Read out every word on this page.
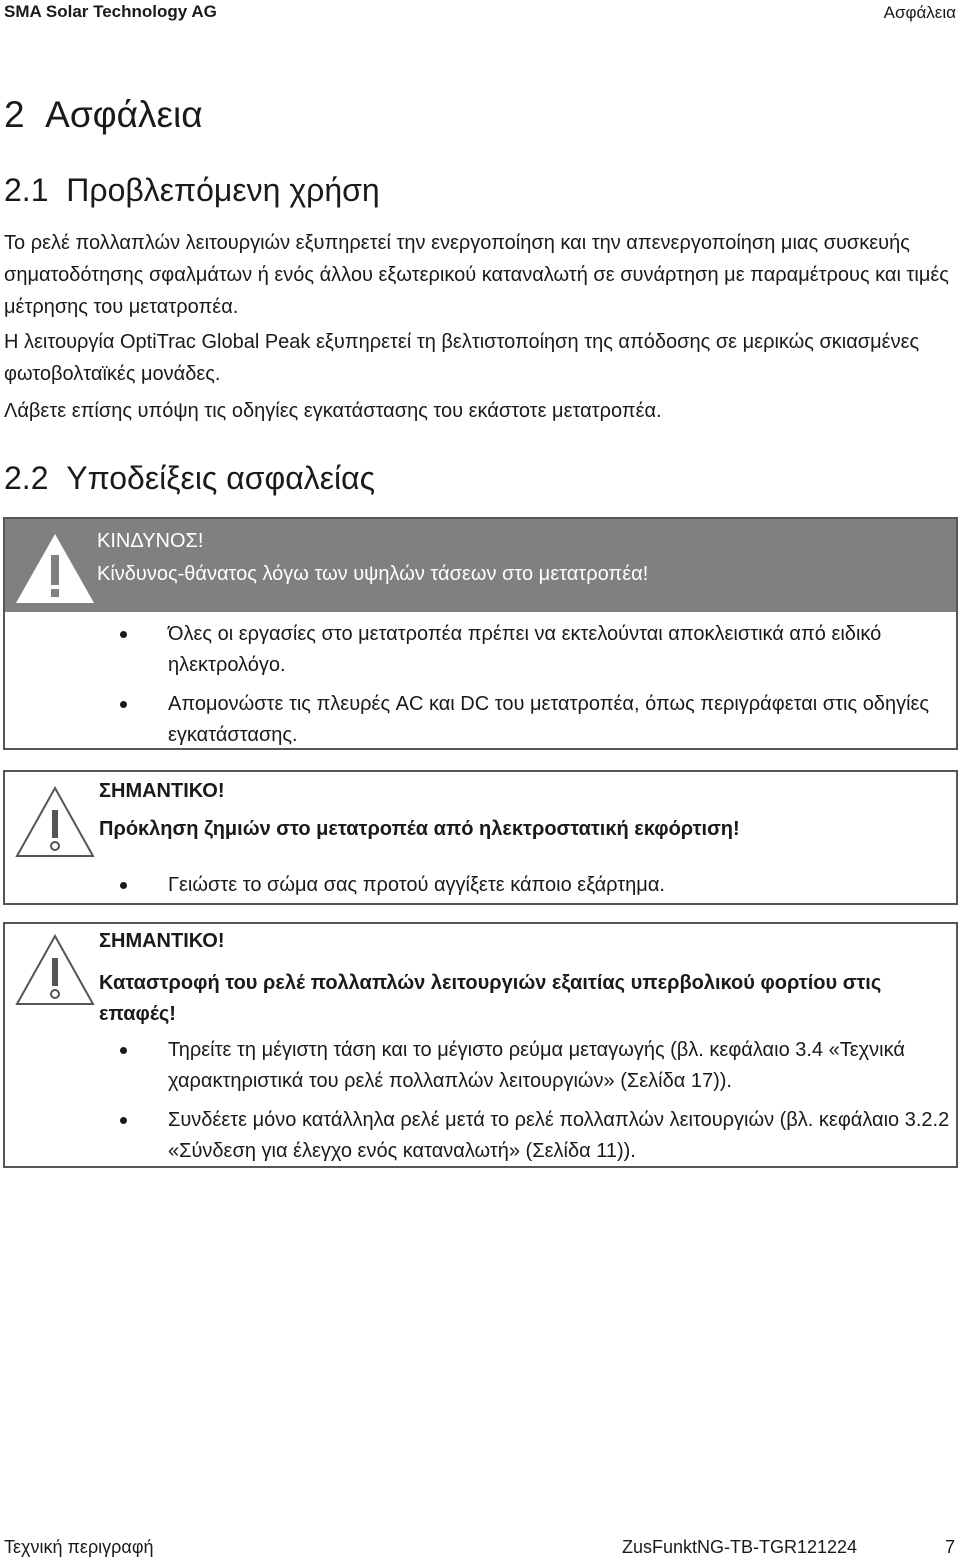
SMA Solar Technology AG	Ασφάλεια
2 Ασφάλεια
2.1 Προβλεπόμενη χρήση
Το ρελέ πολλαπλών λειτουργιών εξυπηρετεί την ενεργοποίηση και την απενεργοποίηση μιας συσκευής σηματοδότησης σφαλμάτων ή ενός άλλου εξωτερικού καταναλωτή σε συνάρτηση με παραμέτρους και τιμές μέτρησης του μετατροπέα.
Η λειτουργία OptiTrac Global Peak εξυπηρετεί τη βελτιστοποίηση της απόδοσης σε μερικώς σκιασμένες φωτοβολταϊκές μονάδες.
Λάβετε επίσης υπόψη τις οδηγίες εγκατάστασης του εκάστοτε μετατροπέα.
2.2 Υποδείξεις ασφαλείας
ΚΙΝΔΥΝΟΣ!
Κίνδυνος-θάνατος λόγω των υψηλών τάσεων στο μετατροπέα!
Όλες οι εργασίες στο μετατροπέα πρέπει να εκτελούνται αποκλειστικά από ειδικό ηλεκτρολόγο.
Απομονώστε τις πλευρές AC και DC του μετατροπέα, όπως περιγράφεται στις οδηγίες εγκατάστασης.
ΣΗΜΑΝΤΙΚΟ!
Πρόκληση ζημιών στο μετατροπέα από ηλεκτροστατική εκφόρτιση!
Γειώστε το σώμα σας προτού αγγίξετε κάποιο εξάρτημα.
ΣΗΜΑΝΤΙΚΟ!
Καταστροφή του ρελέ πολλαπλών λειτουργιών εξαιτίας υπερβολικού φορτίου στις επαφές!
Τηρείτε τη μέγιστη τάση και το μέγιστο ρεύμα μεταγωγής (βλ. κεφάλαιο 3.4 «Τεχνικά χαρακτηριστικά του ρελέ πολλαπλών λειτουργιών» (Σελίδα 17)).
Συνδέετε μόνο κατάλληλα ρελέ μετά το ρελέ πολλαπλών λειτουργιών (βλ. κεφάλαιο 3.2.2 «Σύνδεση για έλεγχο ενός καταναλωτή» (Σελίδα 11)).
Τεχνική περιγραφή	ZusFunktNG-TB-TGR121224	7
